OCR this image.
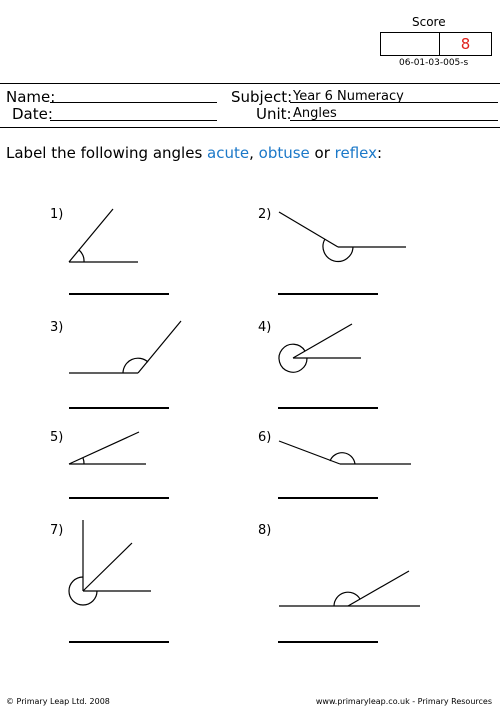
Score
8
06-01-03-005-s
Name:
Date:
Subject: Year 6 Numeracy
Unit: Angles
Label the following angles acute, obtuse or reflex:
1)	2)
3)	4)
5)	6)
7)	8)
© Primary Leap Ltd. 2008	www.primaryleap.co.uk - Primary Resources
